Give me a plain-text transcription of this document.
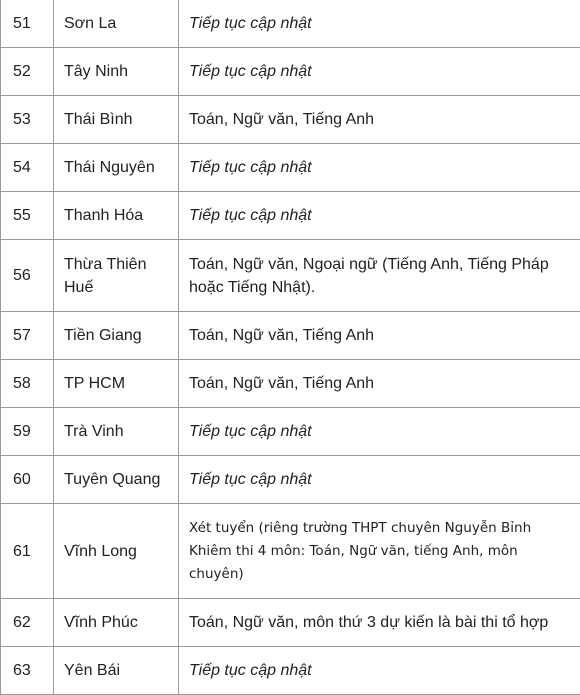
51	Sơn La	Tiếp tục cập nhật
52	Tây Ninh	Tiếp tục cập nhật
53	Thái Bình	Toán, Ngữ văn, Tiếng Anh
54	Thái Nguyên	Tiếp tục cập nhật
55	Thanh Hóa	Tiếp tục cập nhật
56	Thừa Thiên Huế	Toán, Ngữ văn, Ngoại ngữ (Tiếng Anh, Tiếng Pháp hoặc Tiếng Nhật).
57	Tiền Giang	Toán, Ngữ văn, Tiếng Anh
58	TP HCM	Toán, Ngữ văn, Tiếng Anh
59	Trà Vinh	Tiếp tục cập nhật
60	Tuyên Quang	Tiếp tục cập nhật
61	Vĩnh Long	Xét tuyển (riêng trường THPT chuyên Nguyễn Bỉnh Khiêm thi 4 môn: Toán, Ngữ văn, tiếng Anh, môn chuyên)
62	Vĩnh Phúc	Toán, Ngữ văn, môn thứ 3 dự kiến là bài thi tổ hợp
63	Yên Bái	Tiếp tục cập nhật
